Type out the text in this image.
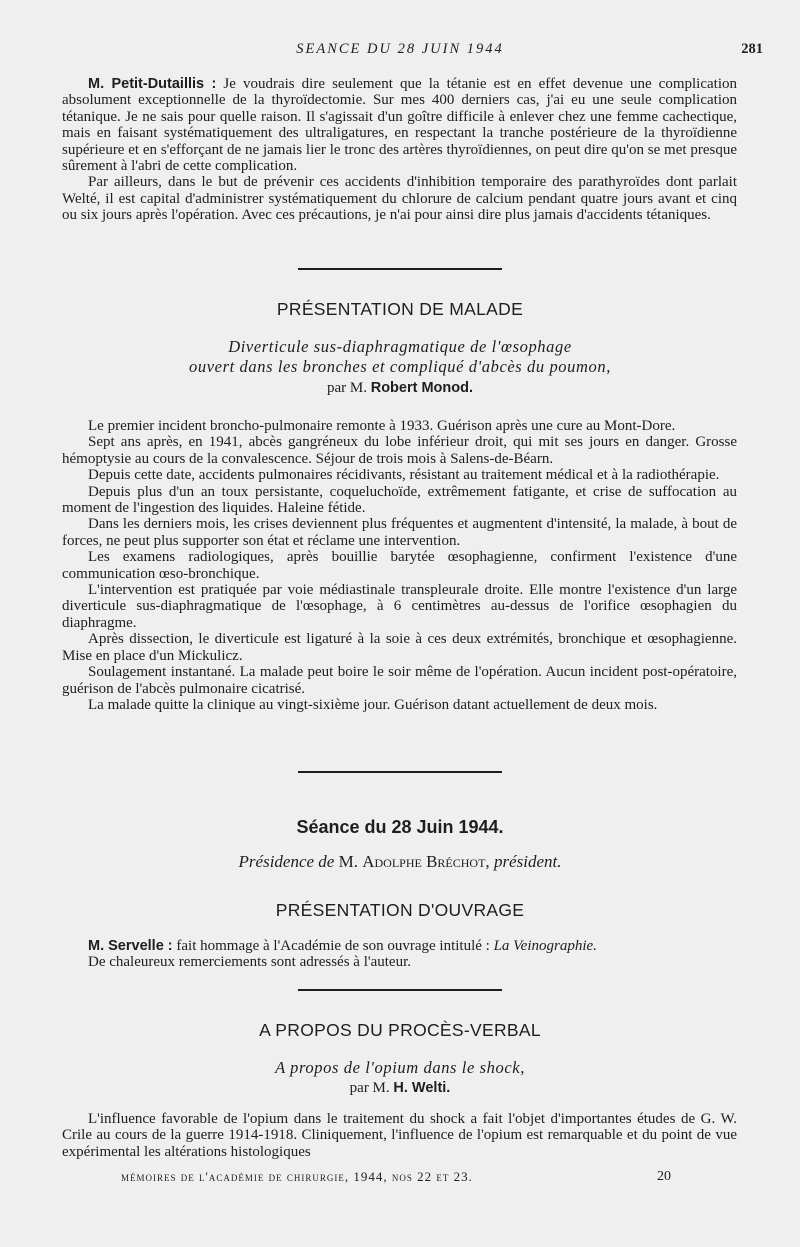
SEANCE DU 28 JUIN 1944	281

M. Petit-Dutaillis : Je voudrais dire seulement que la tétanie est en effet devenue une complication absolument exceptionnelle de la thyroïdectomie. Sur mes 400 derniers cas, j'ai eu une seule complication tétanique. Je ne sais pour quelle raison. Il s'agissait d'un goître difficile à enlever chez une femme cachectique, mais en faisant systématiquement des ultraligatures, en respectant la tranche postérieure de la thyroïdienne supérieure et en s'efforçant de ne jamais lier le tronc des artères thyroïdiennes, on peut dire qu'on se met presque sûrement à l'abri de cette complication.

Par ailleurs, dans le but de prévenir ces accidents d'inhibition temporaire des parathyroïdes dont parlait Welté, il est capital d'administrer systématiquement du chlorure de calcium pendant quatre jours avant et cinq ou six jours après l'opération. Avec ces précautions, je n'ai pour ainsi dire plus jamais d'accidents tétaniques.

PRÉSENTATION DE MALADE
Diverticule sus-diaphragmatique de l'œsophage
ouvert dans les bronches et compliqué d'abcès du poumon,
par M. Robert Monod.

Le premier incident broncho-pulmonaire remonte à 1933. Guérison après une cure au Mont-Dore.

Sept ans après, en 1941, abcès gangréneux du lobe inférieur droit, qui mit ses jours en danger. Grosse hémoptysie au cours de la convalescence. Séjour de trois mois à Salens-de-Béarn.

Depuis cette date, accidents pulmonaires récidivants, résistant au traitement médical et à la radiothérapie.

Depuis plus d'un an toux persistante, coqueluchoïde, extrêmement fatigante, et crise de suffocation au moment de l'ingestion des liquides. Haleine fétide.

Dans les derniers mois, les crises deviennent plus fréquentes et augmentent d'intensité, la malade, à bout de forces, ne peut plus supporter son état et réclame une intervention.

Les examens radiologiques, après bouillie barytée œsophagienne, confirment l'existence d'une communication œso-bronchique.

L'intervention est pratiquée par voie médiastinale transpleurale droite. Elle montre l'existence d'un large diverticule sus-diaphragmatique de l'œsophage, à 6 centimètres au-dessus de l'orifice œsophagien du diaphragme.

Après dissection, le diverticule est ligaturé à la soie à ces deux extrémités, bronchique et œsophagienne. Mise en place d'un Mickulicz.

Soulagement instantané. La malade peut boire le soir même de l'opération. Aucun incident post-opératoire, guérison de l'abcès pulmonaire cicatrisé.

La malade quitte la clinique au vingt-sixième jour. Guérison datant actuellement de deux mois.

Séance du 28 Juin 1944.
Présidence de M. Adolphe Bréchot, président.
PRÉSENTATION D'OUVRAGE

M. Servelle : fait hommage à l'Académie de son ouvrage intitulé : La Veinographie.

De chaleureux remerciements sont adressés à l'auteur.

A PROPOS DU PROCÈS-VERBAL
A propos de l'opium dans le shock,
par M. H. Welti.

L'influence favorable de l'opium dans le traitement du shock a fait l'objet d'importantes études de G. W. Crile au cours de la guerre 1914-1918. Cliniquement, l'influence de l'opium est remarquable et du point de vue expérimental les altérations histologiques

mémoires de l'académie de chirurgie, 1944, nos 22 et 23.	20
